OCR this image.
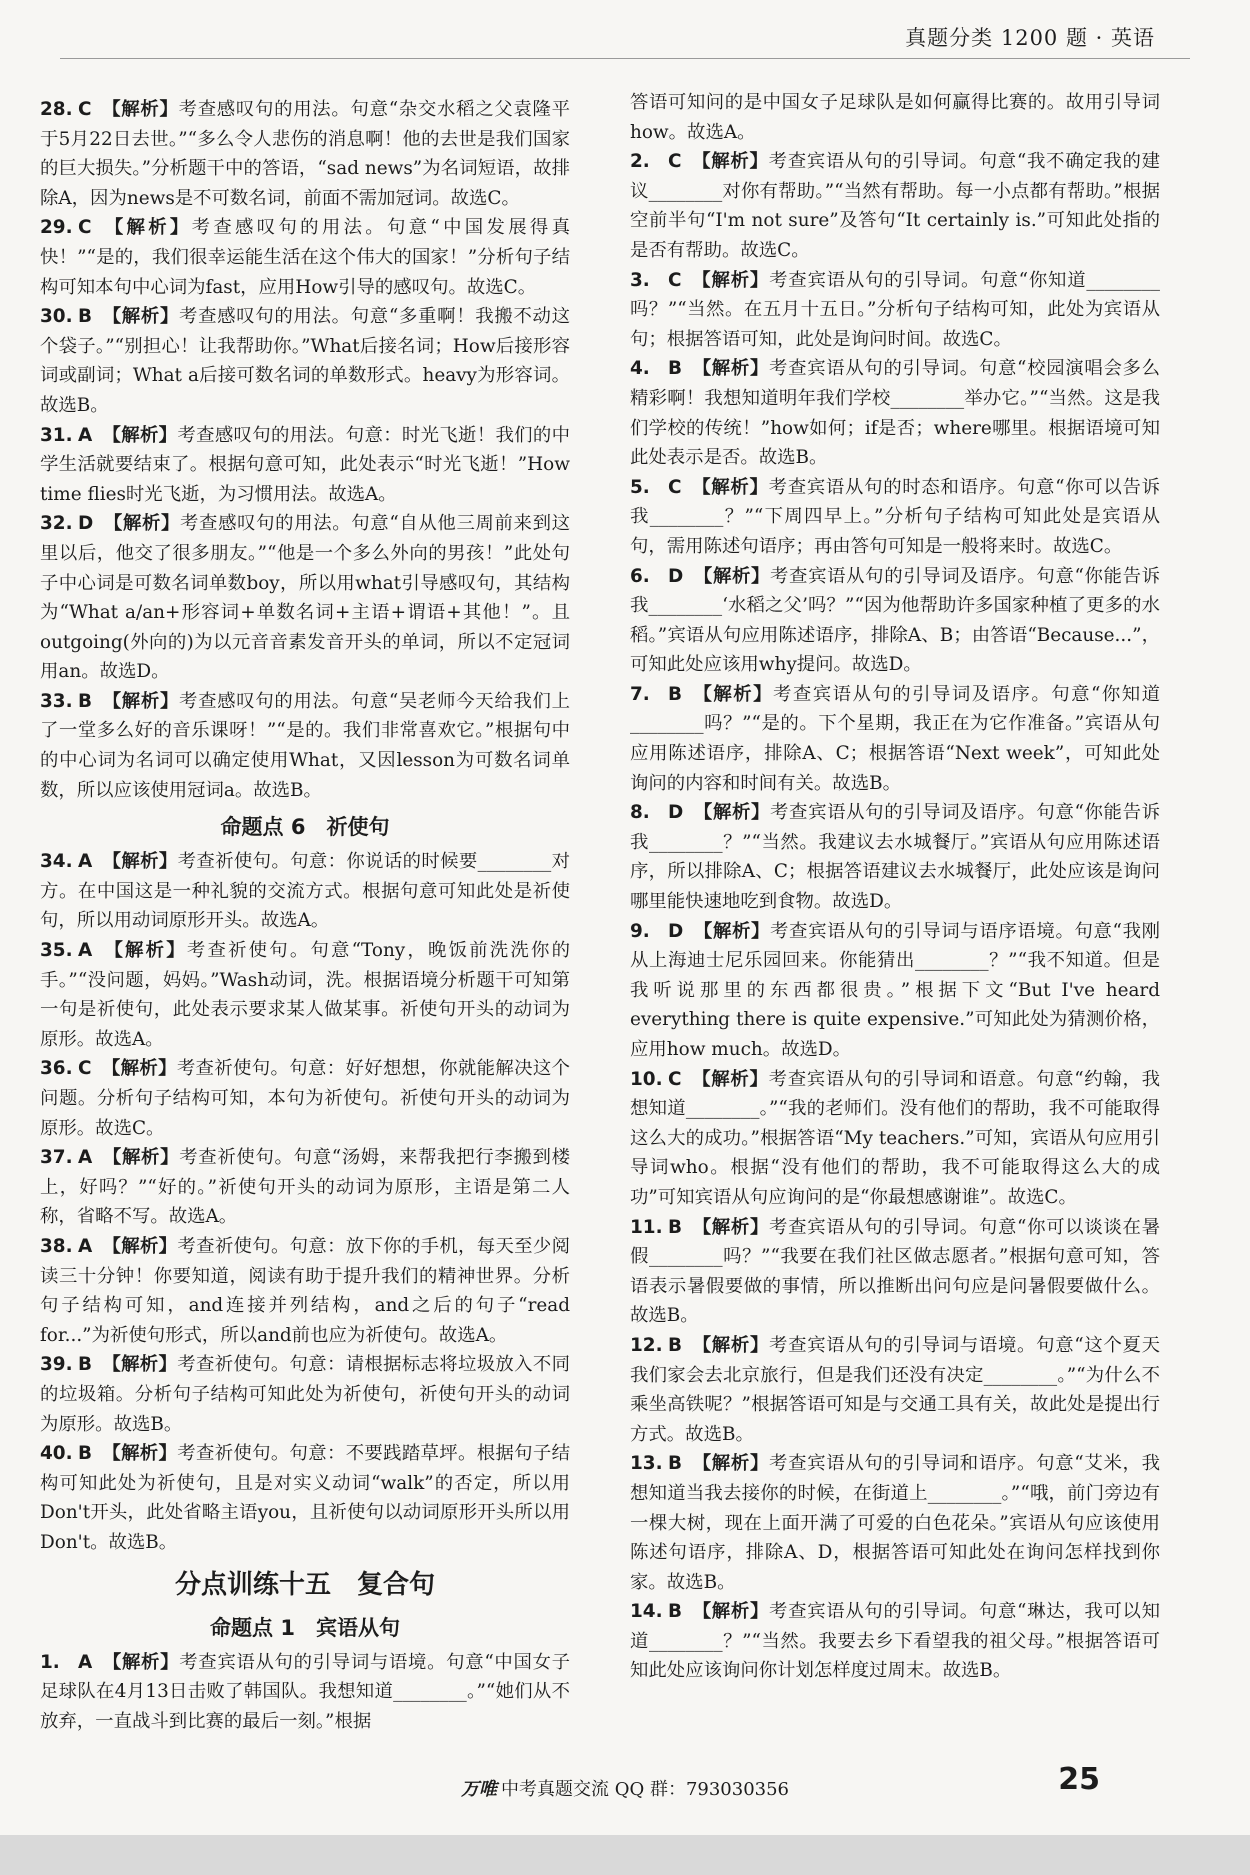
真题分类 1200 题 · 英语

28. C 【解析】考查感叹句的用法。句意“杂交水稻之父袁隆平于5月22日去世。”“多么令人悲伤的消息啊！他的去世是我们国家的巨大损失。”分析题干中的答语，“sad news”为名词短语，故排除A，因为news是不可数名词，前面不需加冠词。故选C。

29. C 【解析】考查感叹句的用法。句意“中国发展得真快！”“是的，我们很幸运能生活在这个伟大的国家！”分析句子结构可知本句中心词为fast，应用How引导的感叹句。故选C。

30. B 【解析】考查感叹句的用法。句意“多重啊！我搬不动这个袋子。”“别担心！让我帮助你。”What后接名词；How后接形容词或副词；What a后接可数名词的单数形式。heavy为形容词。故选B。

31. A 【解析】考查感叹句的用法。句意：时光飞逝！我们的中学生活就要结束了。根据句意可知，此处表示“时光飞逝！”How time flies时光飞逝，为习惯用法。故选A。

32. D 【解析】考查感叹句的用法。句意“自从他三周前来到这里以后，他交了很多朋友。”“他是一个多么外向的男孩！”此处句子中心词是可数名词单数boy，所以用what引导感叹句，其结构为“What a/an+形容词+单数名词+主语+谓语+其他！”。且outgoing(外向的)为以元音音素发音开头的单词，所以不定冠词用an。故选D。

33. B 【解析】考查感叹句的用法。句意“吴老师今天给我们上了一堂多么好的音乐课呀！”“是的。我们非常喜欢它。”根据句中的中心词为名词可以确定使用What，又因lesson为可数名词单数，所以应该使用冠词a。故选B。

命题点 6　祈使句

34. A 【解析】考查祈使句。句意：你说话的时候要________对方。在中国这是一种礼貌的交流方式。根据句意可知此处是祈使句，所以用动词原形开头。故选A。

35. A 【解析】考查祈使句。句意“Tony，晚饭前洗洗你的手。”“没问题，妈妈。”Wash动词，洗。根据语境分析题干可知第一句是祈使句，此处表示要求某人做某事。祈使句开头的动词为原形。故选A。

36. C 【解析】考查祈使句。句意：好好想想，你就能解决这个问题。分析句子结构可知，本句为祈使句。祈使句开头的动词为原形。故选C。

37. A 【解析】考查祈使句。句意“汤姆，来帮我把行李搬到楼上，好吗？”“好的。”祈使句开头的动词为原形，主语是第二人称，省略不写。故选A。

38. A 【解析】考查祈使句。句意：放下你的手机，每天至少阅读三十分钟！你要知道，阅读有助于提升我们的精神世界。分析句子结构可知，and连接并列结构，and之后的句子“read for...”为祈使句形式，所以and前也应为祈使句。故选A。

39. B 【解析】考查祈使句。句意：请根据标志将垃圾放入不同的垃圾箱。分析句子结构可知此处为祈使句，祈使句开头的动词为原形。故选B。

40. B 【解析】考查祈使句。句意：不要践踏草坪。根据句子结构可知此处为祈使句，且是对实义动词“walk”的否定，所以用Don't开头，此处省略主语you，且祈使句以动词原形开头所以用Don't。故选B。

分点训练十五　复合句
命题点 1　宾语从句

1. A 【解析】考查宾语从句的引导词与语境。句意“中国女子足球队在4月13日击败了韩国队。我想知道________。”“她们从不放弃，一直战斗到比赛的最后一刻。”根据

答语可知问的是中国女子足球队是如何赢得比赛的。故用引导词how。故选A。

2. C 【解析】考查宾语从句的引导词。句意“我不确定我的建议________对你有帮助。”“当然有帮助。每一小点都有帮助。”根据空前半句“I'm not sure”及答句“It certainly is.”可知此处指的是否有帮助。故选C。

3. C 【解析】考查宾语从句的引导词。句意“你知道________吗？”“当然。在五月十五日。”分析句子结构可知，此处为宾语从句；根据答语可知，此处是询问时间。故选C。

4. B 【解析】考查宾语从句的引导词。句意“校园演唱会多么精彩啊！我想知道明年我们学校________举办它。”“当然。这是我们学校的传统！”how如何；if是否；where哪里。根据语境可知此处表示是否。故选B。

5. C 【解析】考查宾语从句的时态和语序。句意“你可以告诉我________？”“下周四早上。”分析句子结构可知此处是宾语从句，需用陈述句语序；再由答句可知是一般将来时。故选C。

6. D 【解析】考查宾语从句的引导词及语序。句意“你能告诉我________‘水稻之父’吗？”“因为他帮助许多国家种植了更多的水稻。”宾语从句应用陈述语序，排除A、B；由答语“Because...”，可知此处应该用why提问。故选D。

7. B 【解析】考查宾语从句的引导词及语序。句意“你知道________吗？”“是的。下个星期，我正在为它作准备。”宾语从句应用陈述语序，排除A、C；根据答语“Next week”，可知此处询问的内容和时间有关。故选B。

8. D 【解析】考查宾语从句的引导词及语序。句意“你能告诉我________？”“当然。我建议去水城餐厅。”宾语从句应用陈述语序，所以排除A、C；根据答语建议去水城餐厅，此处应该是询问哪里能快速地吃到食物。故选D。

9. D 【解析】考查宾语从句的引导词与语序语境。句意“我刚从上海迪士尼乐园回来。你能猜出________？”“我不知道。但是我听说那里的东西都很贵。”根据下文“But I've heard everything there is quite expensive.”可知此处为猜测价格，应用how much。故选D。

10. C 【解析】考查宾语从句的引导词和语意。句意“约翰，我想知道________。”“我的老师们。没有他们的帮助，我不可能取得这么大的成功。”根据答语“My teachers.”可知，宾语从句应用引导词who。根据“没有他们的帮助，我不可能取得这么大的成功”可知宾语从句应询问的是“你最想感谢谁”。故选C。

11. B 【解析】考查宾语从句的引导词。句意“你可以谈谈在暑假________吗？”“我要在我们社区做志愿者。”根据句意可知，答语表示暑假要做的事情，所以推断出问句应是问暑假要做什么。故选B。

12. B 【解析】考查宾语从句的引导词与语境。句意“这个夏天我们家会去北京旅行，但是我们还没有决定________。”“为什么不乘坐高铁呢？”根据答语可知是与交通工具有关，故此处是提出行方式。故选B。

13. B 【解析】考查宾语从句的引导词和语序。句意“艾米，我想知道当我去接你的时候，在街道上________。”“哦，前门旁边有一棵大树，现在上面开满了可爱的白色花朵。”宾语从句应该使用陈述句语序，排除A、D，根据答语可知此处在询问怎样找到你家。故选B。

14. B 【解析】考查宾语从句的引导词。句意“琳达，我可以知道________？”“当然。我要去乡下看望我的祖父母。”根据答语可知此处应该询问你计划怎样度过周末。故选B。

万唯 中考真题交流 QQ 群：793030356	25
